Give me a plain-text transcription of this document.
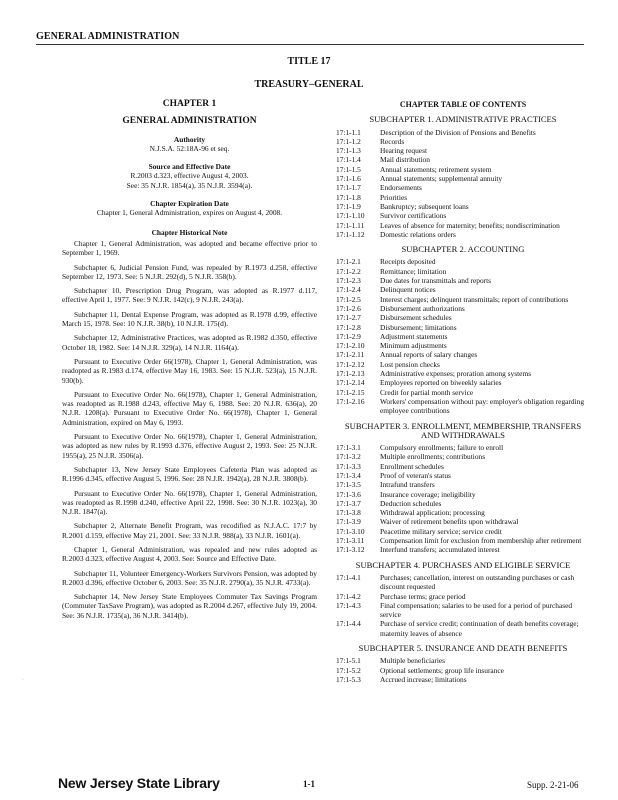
GENERAL ADMINISTRATION
TITLE 17
TREASURY–GENERAL
CHAPTER 1
GENERAL ADMINISTRATION
Authority
N.J.S.A. 52:18A-96 et seq.
Source and Effective Date
R.2003 d.323, effective August 4, 2003.
See: 35 N.J.R. 1854(a), 35 N.J.R. 3594(a).
Chapter Expiration Date
Chapter 1, General Administration, expires on August 4, 2008.
Chapter Historical Note

Chapter 1, General Administration, was adopted and became effective prior to September 1, 1969.

Subchapter 6, Judicial Pension Fund, was repealed by R.1973 d.258, effective September 12, 1973. See: 5 N.J.R. 292(d), 5 N.J.R. 358(b).

Subchapter 10, Prescription Drug Program, was adopted as R.1977 d.117, effective April 1, 1977. See: 9 N.J.R. 142(c), 9 N.J.R. 243(a).

Subchapter 11, Dental Expense Program, was adopted as R.1978 d.99, effective March 15, 1978. See: 10 N.J.R. 38(b), 10 N.J.R. 175(d).

Subchapter 12, Administrative Practices, was adopted as R.1982 d.350, effective October 18, 1982. See: 14 N.J.R. 329(a), 14 N.J.R. 1164(a).

Pursuant to Executive Order 66(1978), Chapter 1, General Administration, was readopted as R.1983 d.174, effective May 16, 1983. See: 15 N.J.R. 523(a), 15 N.J.R. 930(b).

Pursuant to Executive Order No. 66(1978), Chapter 1, General Administration, was readopted as R.1988 d.243, effective May 6, 1988. See: 20 N.J.R. 636(a), 20 N.J.R. 1208(a). Pursuant to Executive Order No. 66(1978), Chapter 1, General Administration, expired on May 6, 1993.

Pursuant to Executive Order No. 66(1978), Chapter 1, General Administration, was adopted as new rules by R.1993 d.376, effective August 2, 1993. See: 25 N.J.R. 1955(a), 25 N.J.R. 3506(a).

Subchapter 13, New Jersey State Employees Cafeteria Plan was adopted as R.1996 d.345, effective August 5, 1996. See: 28 N.J.R. 1942(a), 28 N.J.R. 3808(b).

Pursuant to Executive Order No. 66(1978), Chapter 1, General Administration, was readopted as R.1998 d.240, effective April 22, 1998. See: 30 N.J.R. 1023(a), 30 N.J.R. 1847(a).

Subchapter 2, Alternate Benefit Program, was recodified as N.J.A.C. 17:7 by R.2001 d.159, effective May 21, 2001. See: 33 N.J.R. 988(a), 33 N.J.R. 1601(a).

Chapter 1, General Administration, was repealed and new rules adopted as R.2003 d.323, effective August 4, 2003. See: Source and Effective Date.

Subchapter 11, Volunteer Emergency-Workers Survivors Pension, was adopted by R.2003 d.396, effective October 6, 2003. See: 35 N.J.R. 2790(a), 35 N.J.R. 4733(a).

Subchapter 14, New Jersey State Employees Commuter Tax Savings Program (Commuter TaxSave Program), was adopted as R.2004 d.267, effective July 19, 2004. See: 36 N.J.R. 1735(a), 36 N.J.R. 3414(b).

CHAPTER TABLE OF CONTENTS
SUBCHAPTER 1. ADMINISTRATIVE PRACTICES
17:1-1.1	Description of the Division of Pensions and Benefits
17:1-1.2	Records
17:1-1.3	Hearing request
17:1-1.4	Mail distribution
17:1-1.5	Annual statements; retirement system
17:1-1.6	Annual statements; supplemental annuity
17:1-1.7	Endorsements
17:1-1.8	Priorities
17:1-1.9	Bankruptcy; subsequent loans
17:1-1.10	Survivor certifications
17:1-1.11	Leaves of absence for maternity; benefits; nondiscrimination
17:1-1.12	Domestic relations orders
SUBCHAPTER 2. ACCOUNTING
17:1-2.1	Receipts deposited
17:1-2.2	Remittance; limitation
17:1-2.3	Due dates for transmittals and reports
17:1-2.4	Delinquent notices
17:1-2.5	Interest charges; delinquent transmittals; report of contributions
17:1-2.6	Disbursement authorizations
17:1-2.7	Disbursement schedules
17:1-2.8	Disbursement; limitations
17:1-2.9	Adjustment statements
17:1-2.10	Minimum adjustments
17:1-2.11	Annual reports of salary changes
17:1-2.12	Lost pension checks
17:1-2.13	Administrative expenses; proration among systems
17:1-2.14	Employees reported on biweekly salaries
17:1-2.15	Credit for partial month service
17:1-2.16	Workers' compensation without pay: employer's obligation regarding employee contributions
SUBCHAPTER 3. ENROLLMENT, MEMBERSHIP, TRANSFERS AND WITHDRAWALS
17:1-3.1	Compulsory enrollments; failure to enroll
17:1-3.2	Multiple enrollments; contributions
17:1-3.3	Enrollment schedules
17:1-3.4	Proof of veteran's status
17:1-3.5	Intrafund transfers
17:1-3.6	Insurance coverage; ineligibility
17:1-3.7	Deduction schedules
17:1-3.8	Withdrawal application; processing
17:1-3.9	Waiver of retirement benefits upon withdrawal
17:1-3.10	Peacetime military service; service credit
17:1-3.11	Compensation limit for exclusion from membership after retirement
17:1-3.12	Interfund transfers; accumulated interest
SUBCHAPTER 4. PURCHASES AND ELIGIBLE SERVICE
17:1-4.1	Purchases; cancellation, interest on outstanding purchases or cash discount requested
17:1-4.2	Purchase terms; grace period
17:1-4.3	Final compensation; salaries to be used for a period of purchased service
17:1-4.4	Purchase of service credit; continuation of death benefits coverage; maternity leaves of absence
SUBCHAPTER 5. INSURANCE AND DEATH BENEFITS
17:1-5.1	Multiple beneficiaries
17:1-5.2	Optional settlements; group life insurance
17:1-5.3	Accrued increase; limitations
·
New Jersey State Library	1-1	Supp. 2-21-06
